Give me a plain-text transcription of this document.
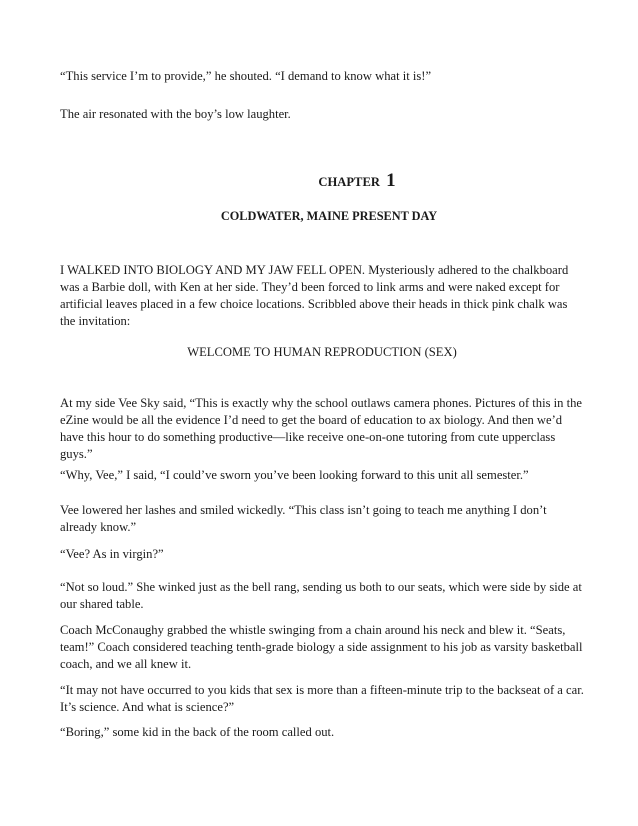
“This service I’m to provide,” he shouted. “I demand to know what it is!”

The air resonated with the boy’s low laughter.

CHAPTER 1

COLDWATER, MAINE PRESENT DAY

I WALKED INTO BIOLOGY AND MY JAW FELL OPEN. Mysteriously adhered to the chalkboard was a Barbie doll, with Ken at her side. They’d been forced to link arms and were naked except for artificial leaves placed in a few choice locations. Scribbled above their heads in thick pink chalk was the invitation:

WELCOME TO HUMAN REPRODUCTION (SEX)

At my side Vee Sky said, “This is exactly why the school outlaws camera phones. Pictures of this in the eZine would be all the evidence I’d need to get the board of education to ax biology. And then we’d have this hour to do something productive—like receive one-on-one tutoring from cute upperclass guys.”

“Why, Vee,” I said, “I could’ve sworn you’ve been looking forward to this unit all semester.”

Vee lowered her lashes and smiled wickedly. “This class isn’t going to teach me anything I don’t already know.”

“Vee? As in virgin?”

“Not so loud.” She winked just as the bell rang, sending us both to our seats, which were side by side at our shared table.

Coach McConaughy grabbed the whistle swinging from a chain around his neck and blew it. “Seats, team!” Coach considered teaching tenth-grade biology a side assignment to his job as varsity basketball coach, and we all knew it.

“It may not have occurred to you kids that sex is more than a fifteen-minute trip to the backseat of a car. It’s science. And what is science?”

“Boring,” some kid in the back of the room called out.
